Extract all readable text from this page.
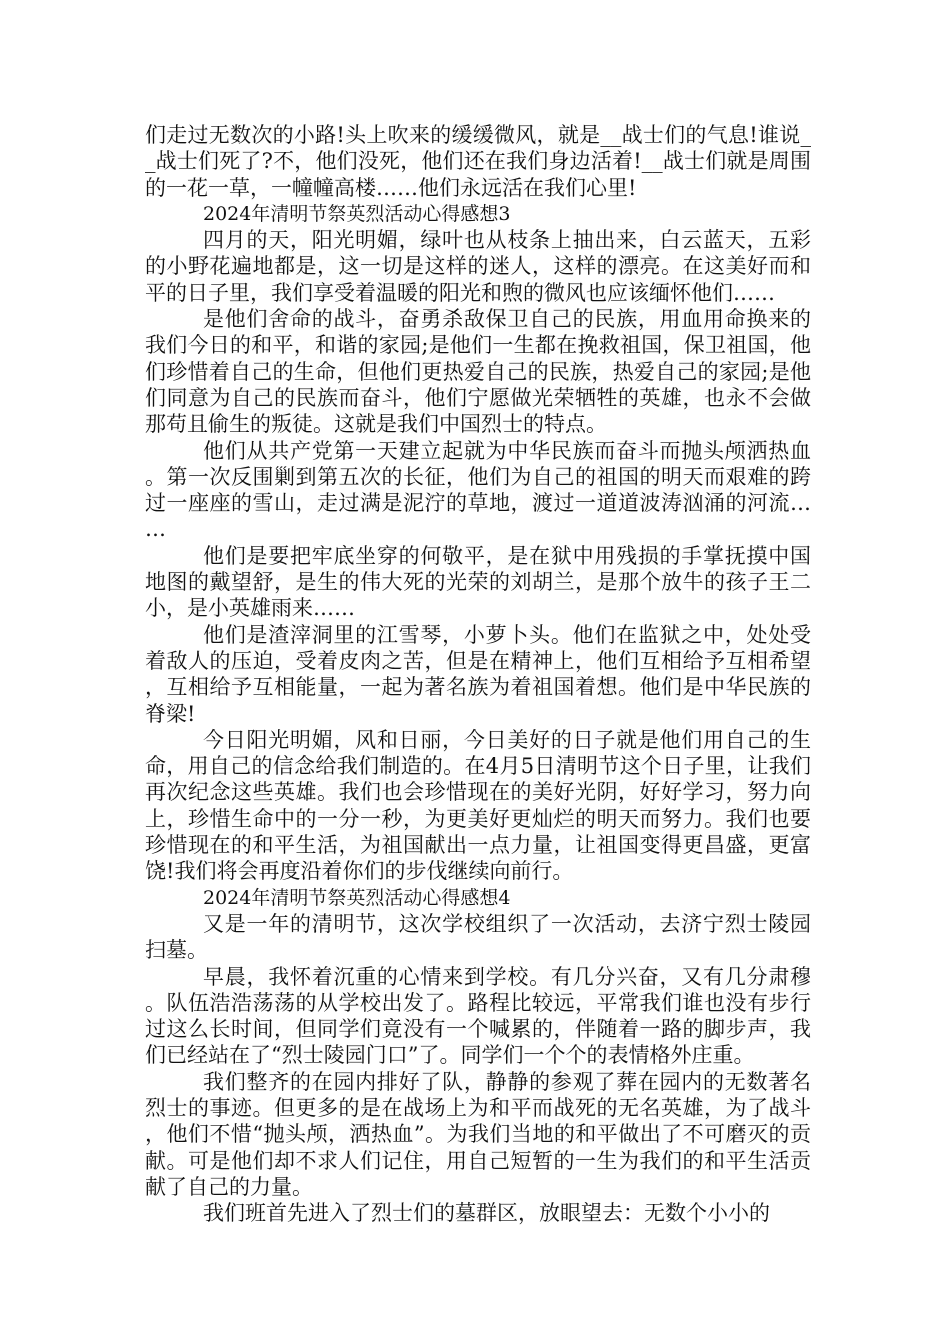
们走过无数次的小路!头上吹来的缓缓微风，就是__战士们的气息!谁说__战士们死了?不，他们没死，他们还在我们身边活着!__战士们就是周围的一花一草，一幢幢高楼……他们永远活在我们心里!

2024年清明节祭英烈活动心得感想3

四月的天，阳光明媚，绿叶也从枝条上抽出来，白云蓝天，五彩的小野花遍地都是，这一切是这样的迷人，这样的漂亮。在这美好而和平的日子里，我们享受着温暖的阳光和煦的微风也应该缅怀他们……

是他们舍命的战斗，奋勇杀敌保卫自己的民族，用血用命换来的我们今日的和平，和谐的家园;是他们一生都在挽救祖国，保卫祖国，他们珍惜着自己的生命，但他们更热爱自己的民族，热爱自己的家园;是他们同意为自己的民族而奋斗，他们宁愿做光荣牺牲的英雄，也永不会做那苟且偷生的叛徒。这就是我们中国烈士的特点。

他们从共产党第一天建立起就为中华民族而奋斗而抛头颅洒热血。第一次反围剿到第五次的长征，他们为自己的祖国的明天而艰难的跨过一座座的雪山，走过满是泥泞的草地，渡过一道道波涛汹涌的河流……

他们是要把牢底坐穿的何敬平，是在狱中用残损的手掌抚摸中国地图的戴望舒，是生的伟大死的光荣的刘胡兰，是那个放牛的孩子王二小，是小英雄雨来……

他们是渣滓洞里的江雪琴，小萝卜头。他们在监狱之中，处处受着敌人的压迫，受着皮肉之苦，但是在精神上，他们互相给予互相希望，互相给予互相能量，一起为著名族为着祖国着想。他们是中华民族的脊梁!

今日阳光明媚，风和日丽，今日美好的日子就是他们用自己的生命，用自己的信念给我们制造的。在4月5日清明节这个日子里，让我们再次纪念这些英雄。我们也会珍惜现在的美好光阴，好好学习，努力向上，珍惜生命中的一分一秒，为更美好更灿烂的明天而努力。我们也要珍惜现在的和平生活，为祖国献出一点力量，让祖国变得更昌盛，更富饶!我们将会再度沿着你们的步伐继续向前行。

2024年清明节祭英烈活动心得感想4

又是一年的清明节，这次学校组织了一次活动，去济宁烈士陵园扫墓。

早晨，我怀着沉重的心情来到学校。有几分兴奋，又有几分肃穆。队伍浩浩荡荡的从学校出发了。路程比较远，平常我们谁也没有步行过这么长时间，但同学们竟没有一个喊累的，伴随着一路的脚步声，我们已经站在了“烈士陵园门口”了。同学们一个个的表情格外庄重。

我们整齐的在园内排好了队，静静的参观了葬在园内的无数著名烈士的事迹。但更多的是在战场上为和平而战死的无名英雄，为了战斗，他们不惜“抛头颅，洒热血”。为我们当地的和平做出了不可磨灭的贡献。可是他们却不求人们记住，用自己短暂的一生为我们的和平生活贡献了自己的力量。

我们班首先进入了烈士们的墓群区，放眼望去：无数个小小的
